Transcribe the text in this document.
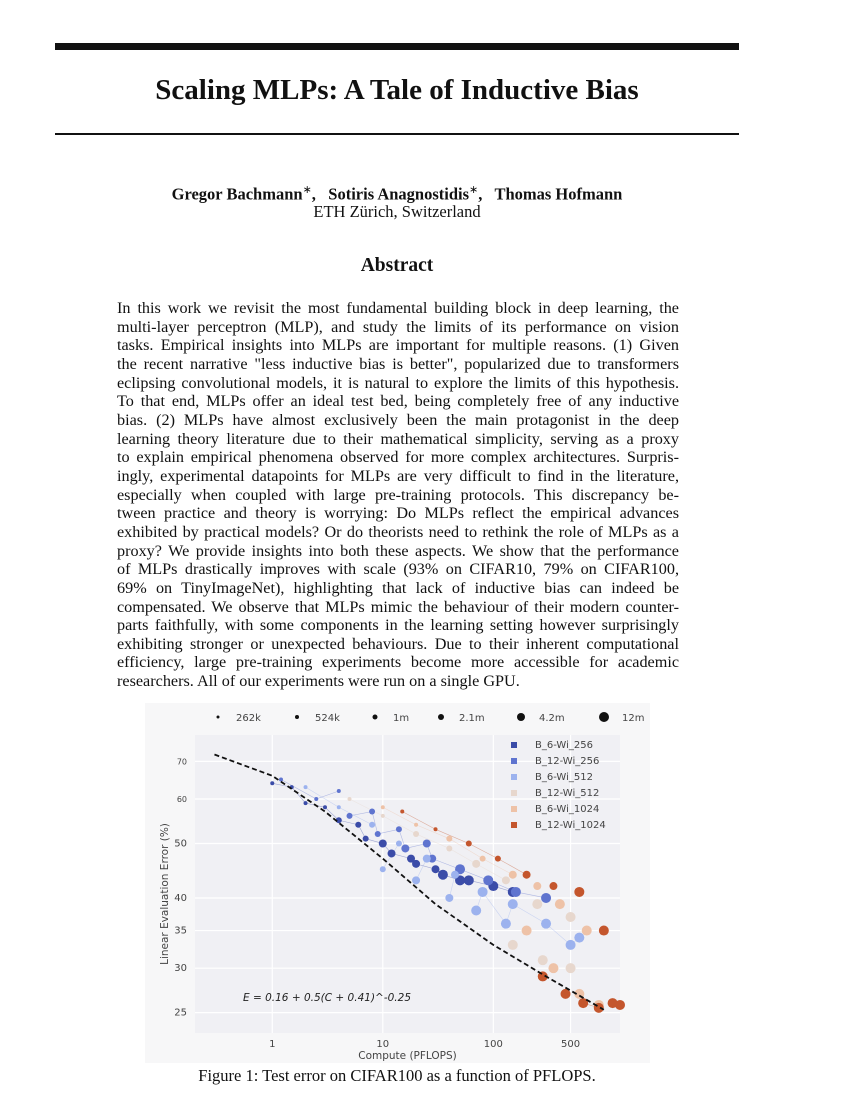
Scaling MLPs: A Tale of Inductive Bias
Gregor Bachmann∗,   Sotiris Anagnostidis∗,   Thomas Hofmann
ETH Zürich, Switzerland
Abstract
In this work we revisit the most fundamental building block in deep learning, the
multi-layer perceptron (MLP), and study the limits of its performance on vision
tasks. Empirical insights into MLPs are important for multiple reasons. (1) Given
the recent narrative "less inductive bias is better", popularized due to transformers
eclipsing convolutional models, it is natural to explore the limits of this hypothesis.
To that end, MLPs offer an ideal test bed, being completely free of any inductive
bias. (2) MLPs have almost exclusively been the main protagonist in the deep
learning theory literature due to their mathematical simplicity, serving as a proxy
to explain empirical phenomena observed for more complex architectures. Surpris-
ingly, experimental datapoints for MLPs are very difficult to find in the literature,
especially when coupled with large pre-training protocols. This discrepancy be-
tween practice and theory is worrying: Do MLPs reflect the empirical advances
exhibited by practical models? Or do theorists need to rethink the role of MLPs as a
proxy? We provide insights into both these aspects. We show that the performance
of MLPs drastically improves with scale (93% on CIFAR10, 79% on CIFAR100,
69% on TinyImageNet), highlighting that lack of inductive bias can indeed be
compensated. We observe that MLPs mimic the behaviour of their modern counter-
parts faithfully, with some components in the learning setting however surprisingly
exhibiting stronger or unexpected behaviours. Due to their inherent computational
efficiency, large pre-training experiments become more accessible for academic
researchers. All of our experiments were run on a single GPU.
1	10	100	500
25
30
35
40
50
60
70
Compute (PFLOPS)
Linear Evaluation Error (%)
E = 0.16 + 0.5(C + 0.41)^-0.25
262k	524k	1m	2.1m	4.2m	12m
B_6-Wi_256
B_12-Wi_256
B_6-Wi_512
B_12-Wi_512
B_6-Wi_1024
B_12-Wi_1024
Figure 1: Test error on CIFAR100 as a function of PFLOPS.
